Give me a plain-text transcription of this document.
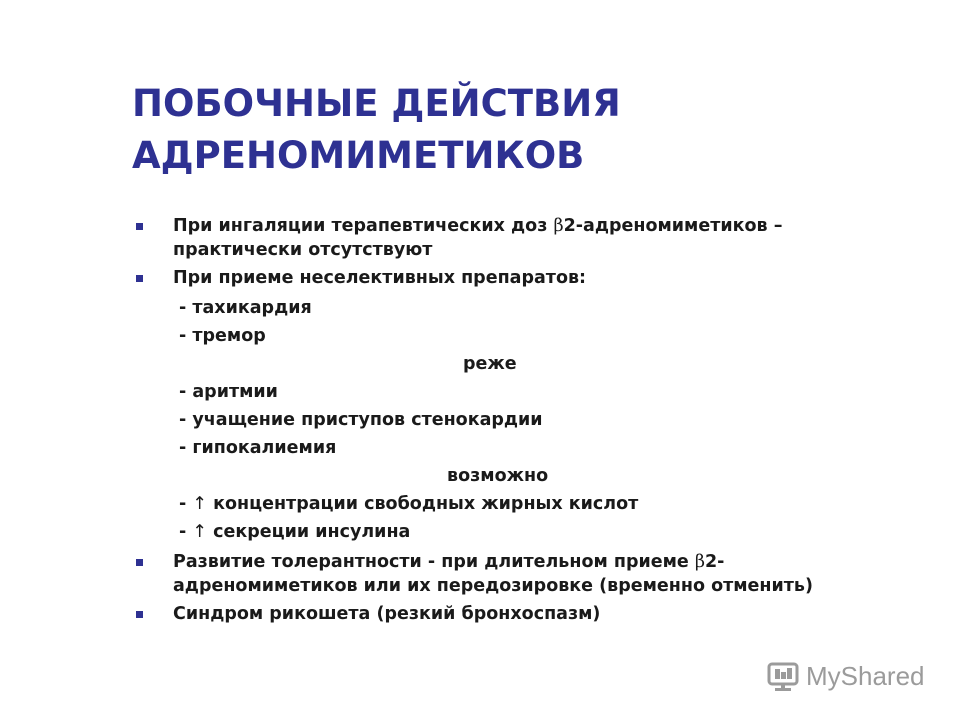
ПОБОЧНЫЕ ДЕЙСТВИЯ
АДРЕНОМИМЕТИКОВ
При ингаляции терапевтических доз β2-адреномиметиков –
практически отсутствуют
При приеме неселективных препаратов:
- тахикардия
- тремор
реже
- аритмии
- учащение приступов стенокардии
- гипокалиемия
возможно
- ↑ концентрации свободных жирных кислот
- ↑ секреции инсулина
Развитие толерантности - при длительном приеме β2-
адреномиметиков или их передозировке (временно отменить)
Синдром рикошета (резкий бронхоспазм)
MyShared
